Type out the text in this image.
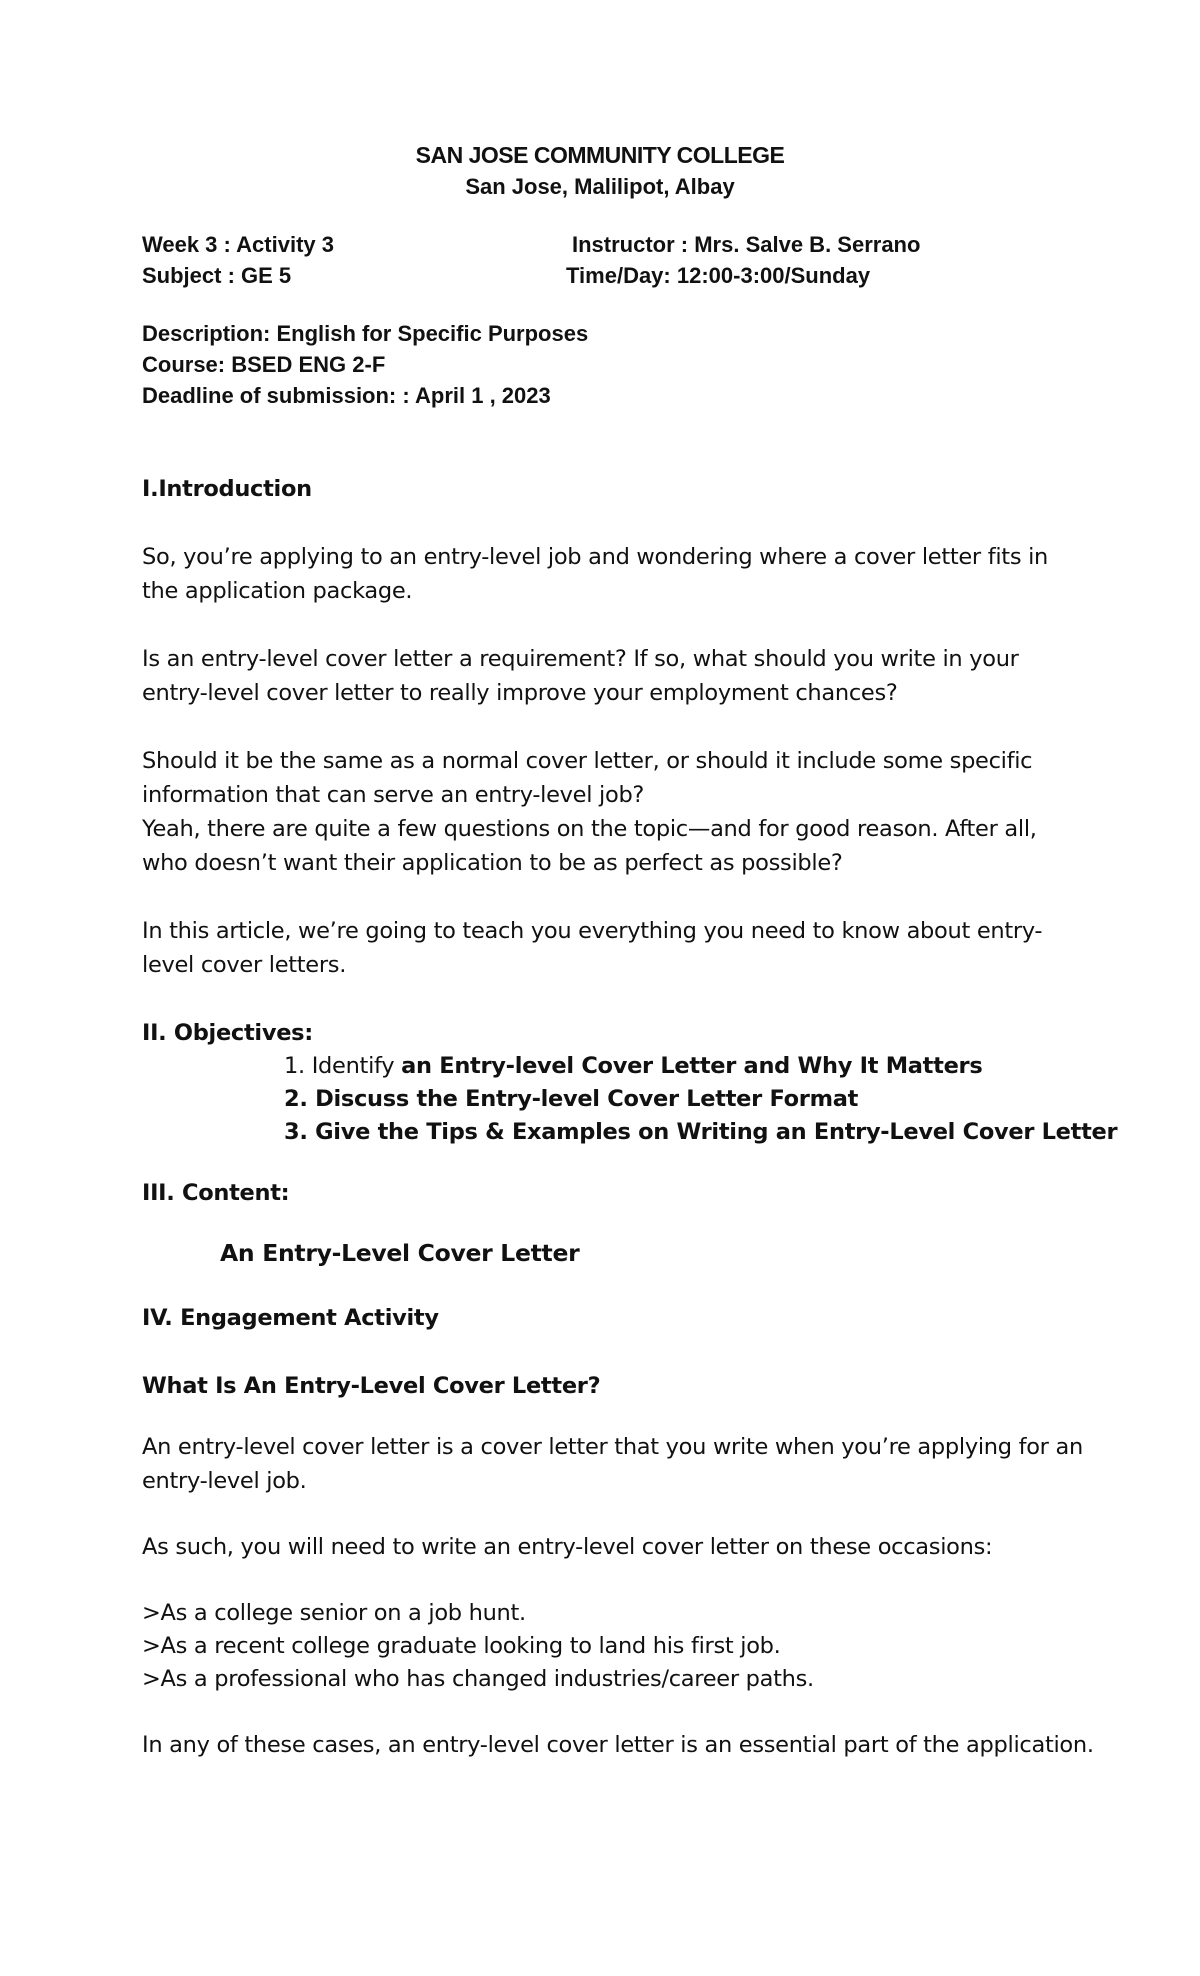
SAN JOSE COMMUNITY COLLEGE
San Jose, Malilipot, Albay
Week 3 : Activity 3	Instructor : Mrs. Salve B. Serrano
Subject : GE 5	Time/Day: 12:00-3:00/Sunday
Description: English for Specific Purposes
Course: BSED ENG 2-F
Deadline of submission: : April 1 , 2023
I.Introduction
So, you’re applying to an entry-level job and wondering where a cover letter fits in
the application package.
Is an entry-level cover letter a requirement? If so, what should you write in your
entry-level cover letter to really improve your employment chances?
Should it be the same as a normal cover letter, or should it include some specific
information that can serve an entry-level job?
Yeah, there are quite a few questions on the topic—and for good reason. After all,
who doesn’t want their application to be as perfect as possible?
In this article, we’re going to teach you everything you need to know about entry-
level cover letters.
II. Objectives:
1. Identify an Entry-level Cover Letter and Why It Matters
2. Discuss the Entry-level Cover Letter Format
3. Give the Tips & Examples on Writing an Entry-Level Cover Letter
III. Content:
An Entry-Level Cover Letter
IV. Engagement Activity
What Is An Entry-Level Cover Letter?
An entry-level cover letter is a cover letter that you write when you’re applying for an
entry-level job.
As such, you will need to write an entry-level cover letter on these occasions:
>As a college senior on a job hunt.
>As a recent college graduate looking to land his first job.
>As a professional who has changed industries/career paths.
In any of these cases, an entry-level cover letter is an essential part of the application.
